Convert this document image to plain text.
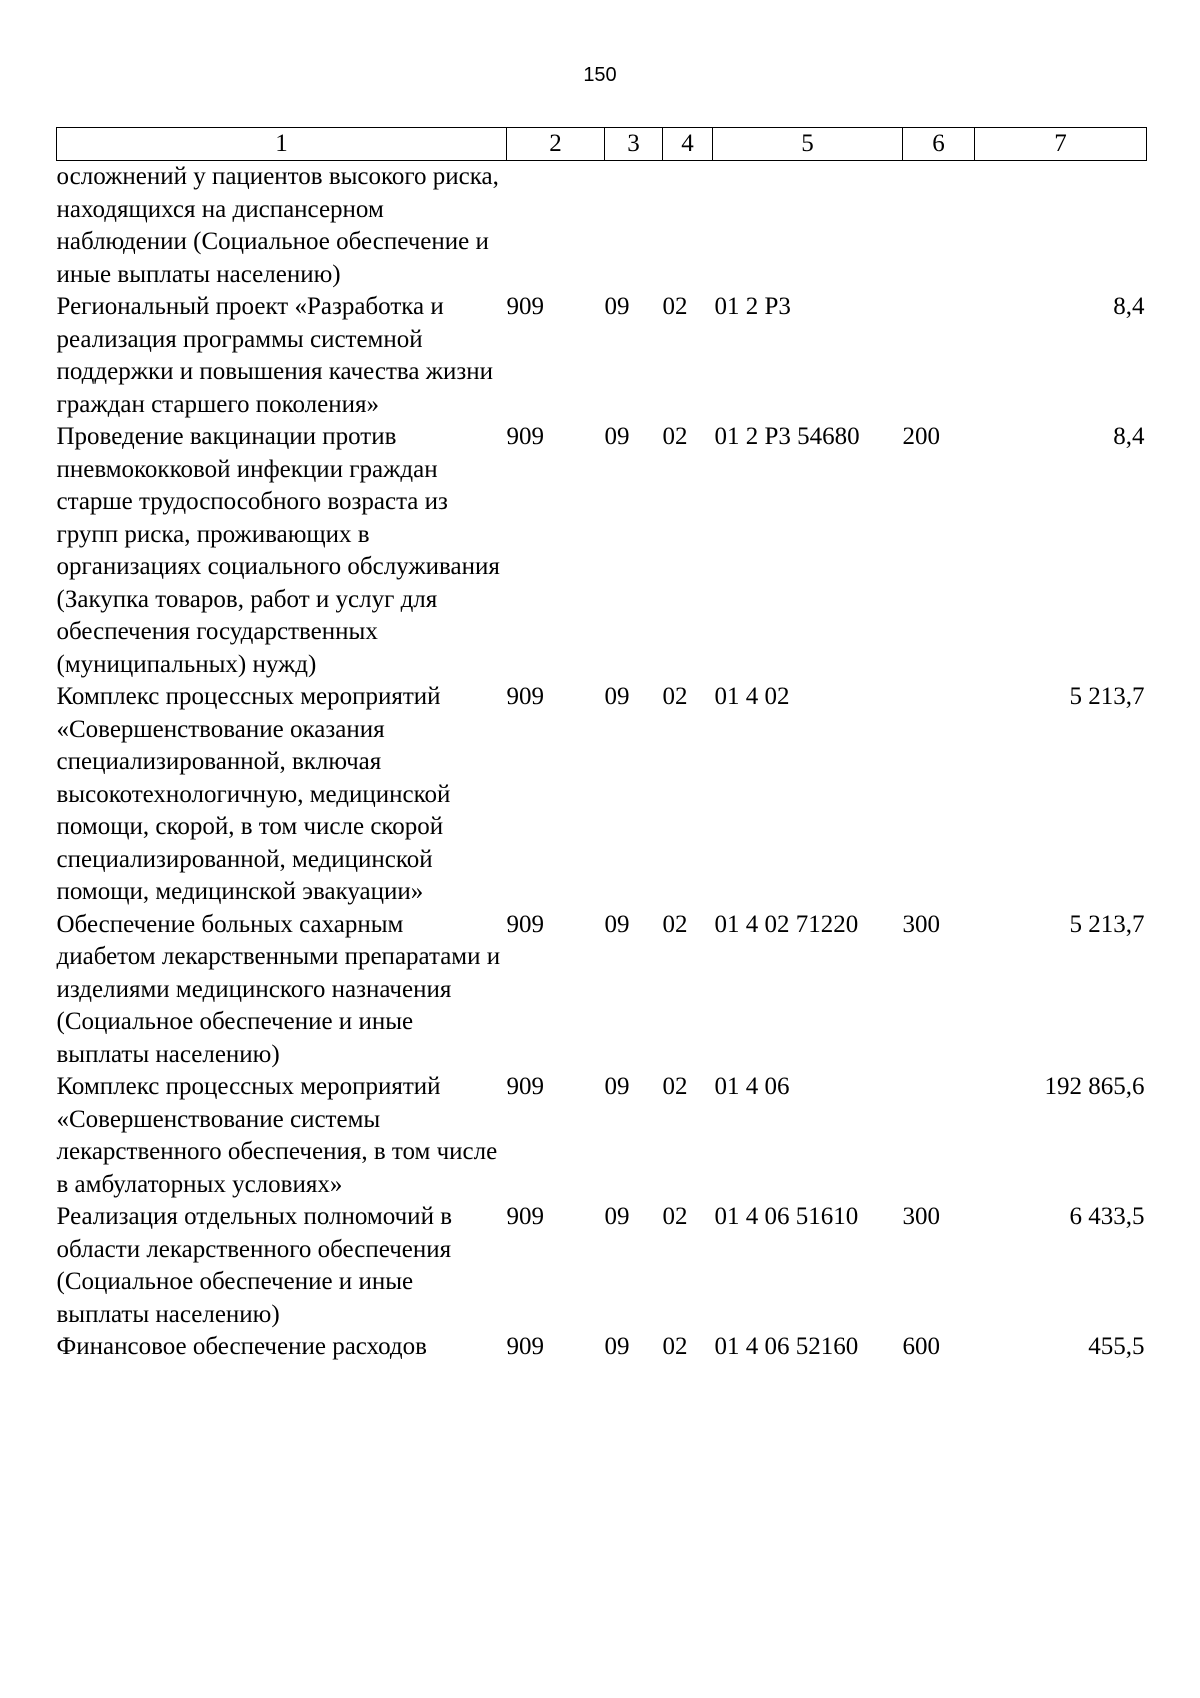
150
1	2	3	4	5	6	7
осложнений у пациентов высокого риска, находящихся на диспансерном наблюдении (Социальное обеспечение и иные выплаты населению)						
Региональный проект «Разработка и реализация программы системной поддержки и повышения качества жизни граждан старшего поколения»	909	09	02	01 2 Р3		8,4
Проведение вакцинации против пневмококковой инфекции граждан старше трудоспособного возраста из групп риска, проживающих в организациях социального обслуживания (Закупка товаров, работ и услуг для обеспечения государственных (муниципальных) нужд)	909	09	02	01 2 Р3 54680	200	8,4
Комплекс процессных мероприятий «Совершенствование оказания специализированной, включая высокотехнологичную, медицинской помощи, скорой, в том числе скорой специализированной, медицинской помощи, медицинской эвакуации»	909	09	02	01 4 02		5 213,7
Обеспечение больных сахарным диабетом лекарственными препаратами и изделиями медицинского назначения (Социальное обеспечение и иные выплаты населению)	909	09	02	01 4 02 71220	300	5 213,7
Комплекс процессных мероприятий «Совершенствование системы лекарственного обеспечения, в том числе в амбулаторных условиях»	909	09	02	01 4 06		192 865,6
Реализация отдельных полномочий в области лекарственного обеспечения (Социальное обеспечение и иные выплаты населению)	909	09	02	01 4 06 51610	300	6 433,5
Финансовое обеспечение расходов	909	09	02	01 4 06 52160	600	455,5
